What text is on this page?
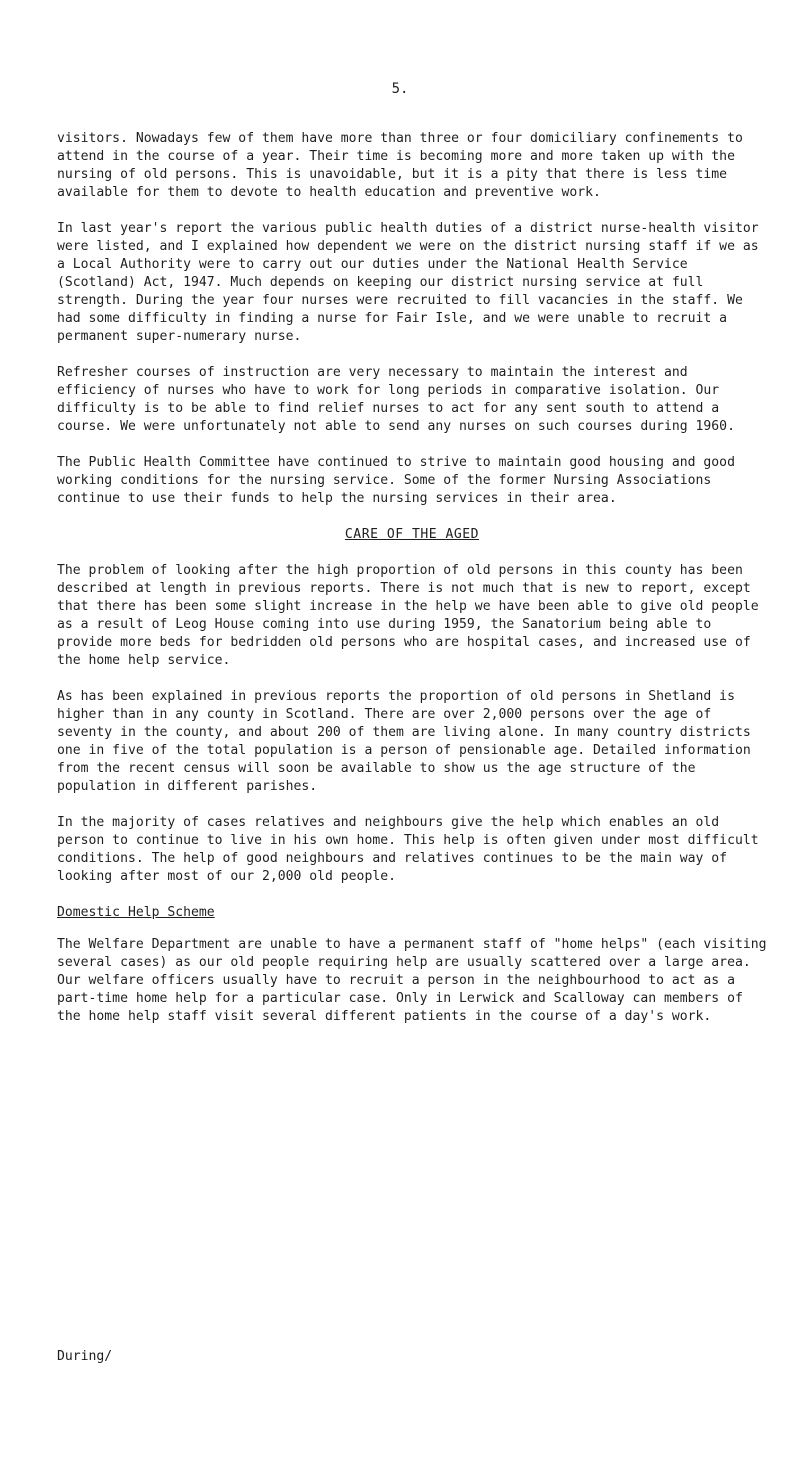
5.

visitors. Nowadays few of them have more than three or four domiciliary confinements to attend in the course of a year. Their time is becoming more and more taken up with the nursing of old persons. This is unavoidable, but it is a pity that there is less time available for them to devote to health education and preventive work.

In last year's report the various public health duties of a district nurse-health visitor were listed, and I explained how dependent we were on the district nursing staff if we as a Local Authority were to carry out our duties under the National Health Service (Scotland) Act, 1947. Much depends on keeping our district nursing service at full strength. During the year four nurses were recruited to fill vacancies in the staff. We had some difficulty in finding a nurse for Fair Isle, and we were unable to recruit a permanent super-numerary nurse.

Refresher courses of instruction are very necessary to maintain the interest and efficiency of nurses who have to work for long periods in comparative isolation. Our difficulty is to be able to find relief nurses to act for any sent south to attend a course. We were unfortunately not able to send any nurses on such courses during 1960.

The Public Health Committee have continued to strive to maintain good housing and good working conditions for the nursing service. Some of the former Nursing Associations continue to use their funds to help the nursing services in their area.

CARE OF THE AGED

The problem of looking after the high proportion of old persons in this county has been described at length in previous reports. There is not much that is new to report, except that there has been some slight increase in the help we have been able to give old people as a result of Leog House coming into use during 1959, the Sanatorium being able to provide more beds for bedridden old persons who are hospital cases, and increased use of the home help service.

As has been explained in previous reports the proportion of old persons in Shetland is higher than in any county in Scotland. There are over 2,000 persons over the age of seventy in the county, and about 200 of them are living alone. In many country districts one in five of the total population is a person of pensionable age. Detailed information from the recent census will soon be available to show us the age structure of the population in different parishes.

In the majority of cases relatives and neighbours give the help which enables an old person to continue to live in his own home. This help is often given under most difficult conditions. The help of good neighbours and relatives continues to be the main way of looking after most of our 2,000 old people.

Domestic Help Scheme

The Welfare Department are unable to have a permanent staff of "home helps" (each visiting several cases) as our old people requiring help are usually scattered over a large area. Our welfare officers usually have to recruit a person in the neighbourhood to act as a part-time home help for a particular case. Only in Lerwick and Scalloway can members of the home help staff visit several different patients in the course of a day's work.

During/
